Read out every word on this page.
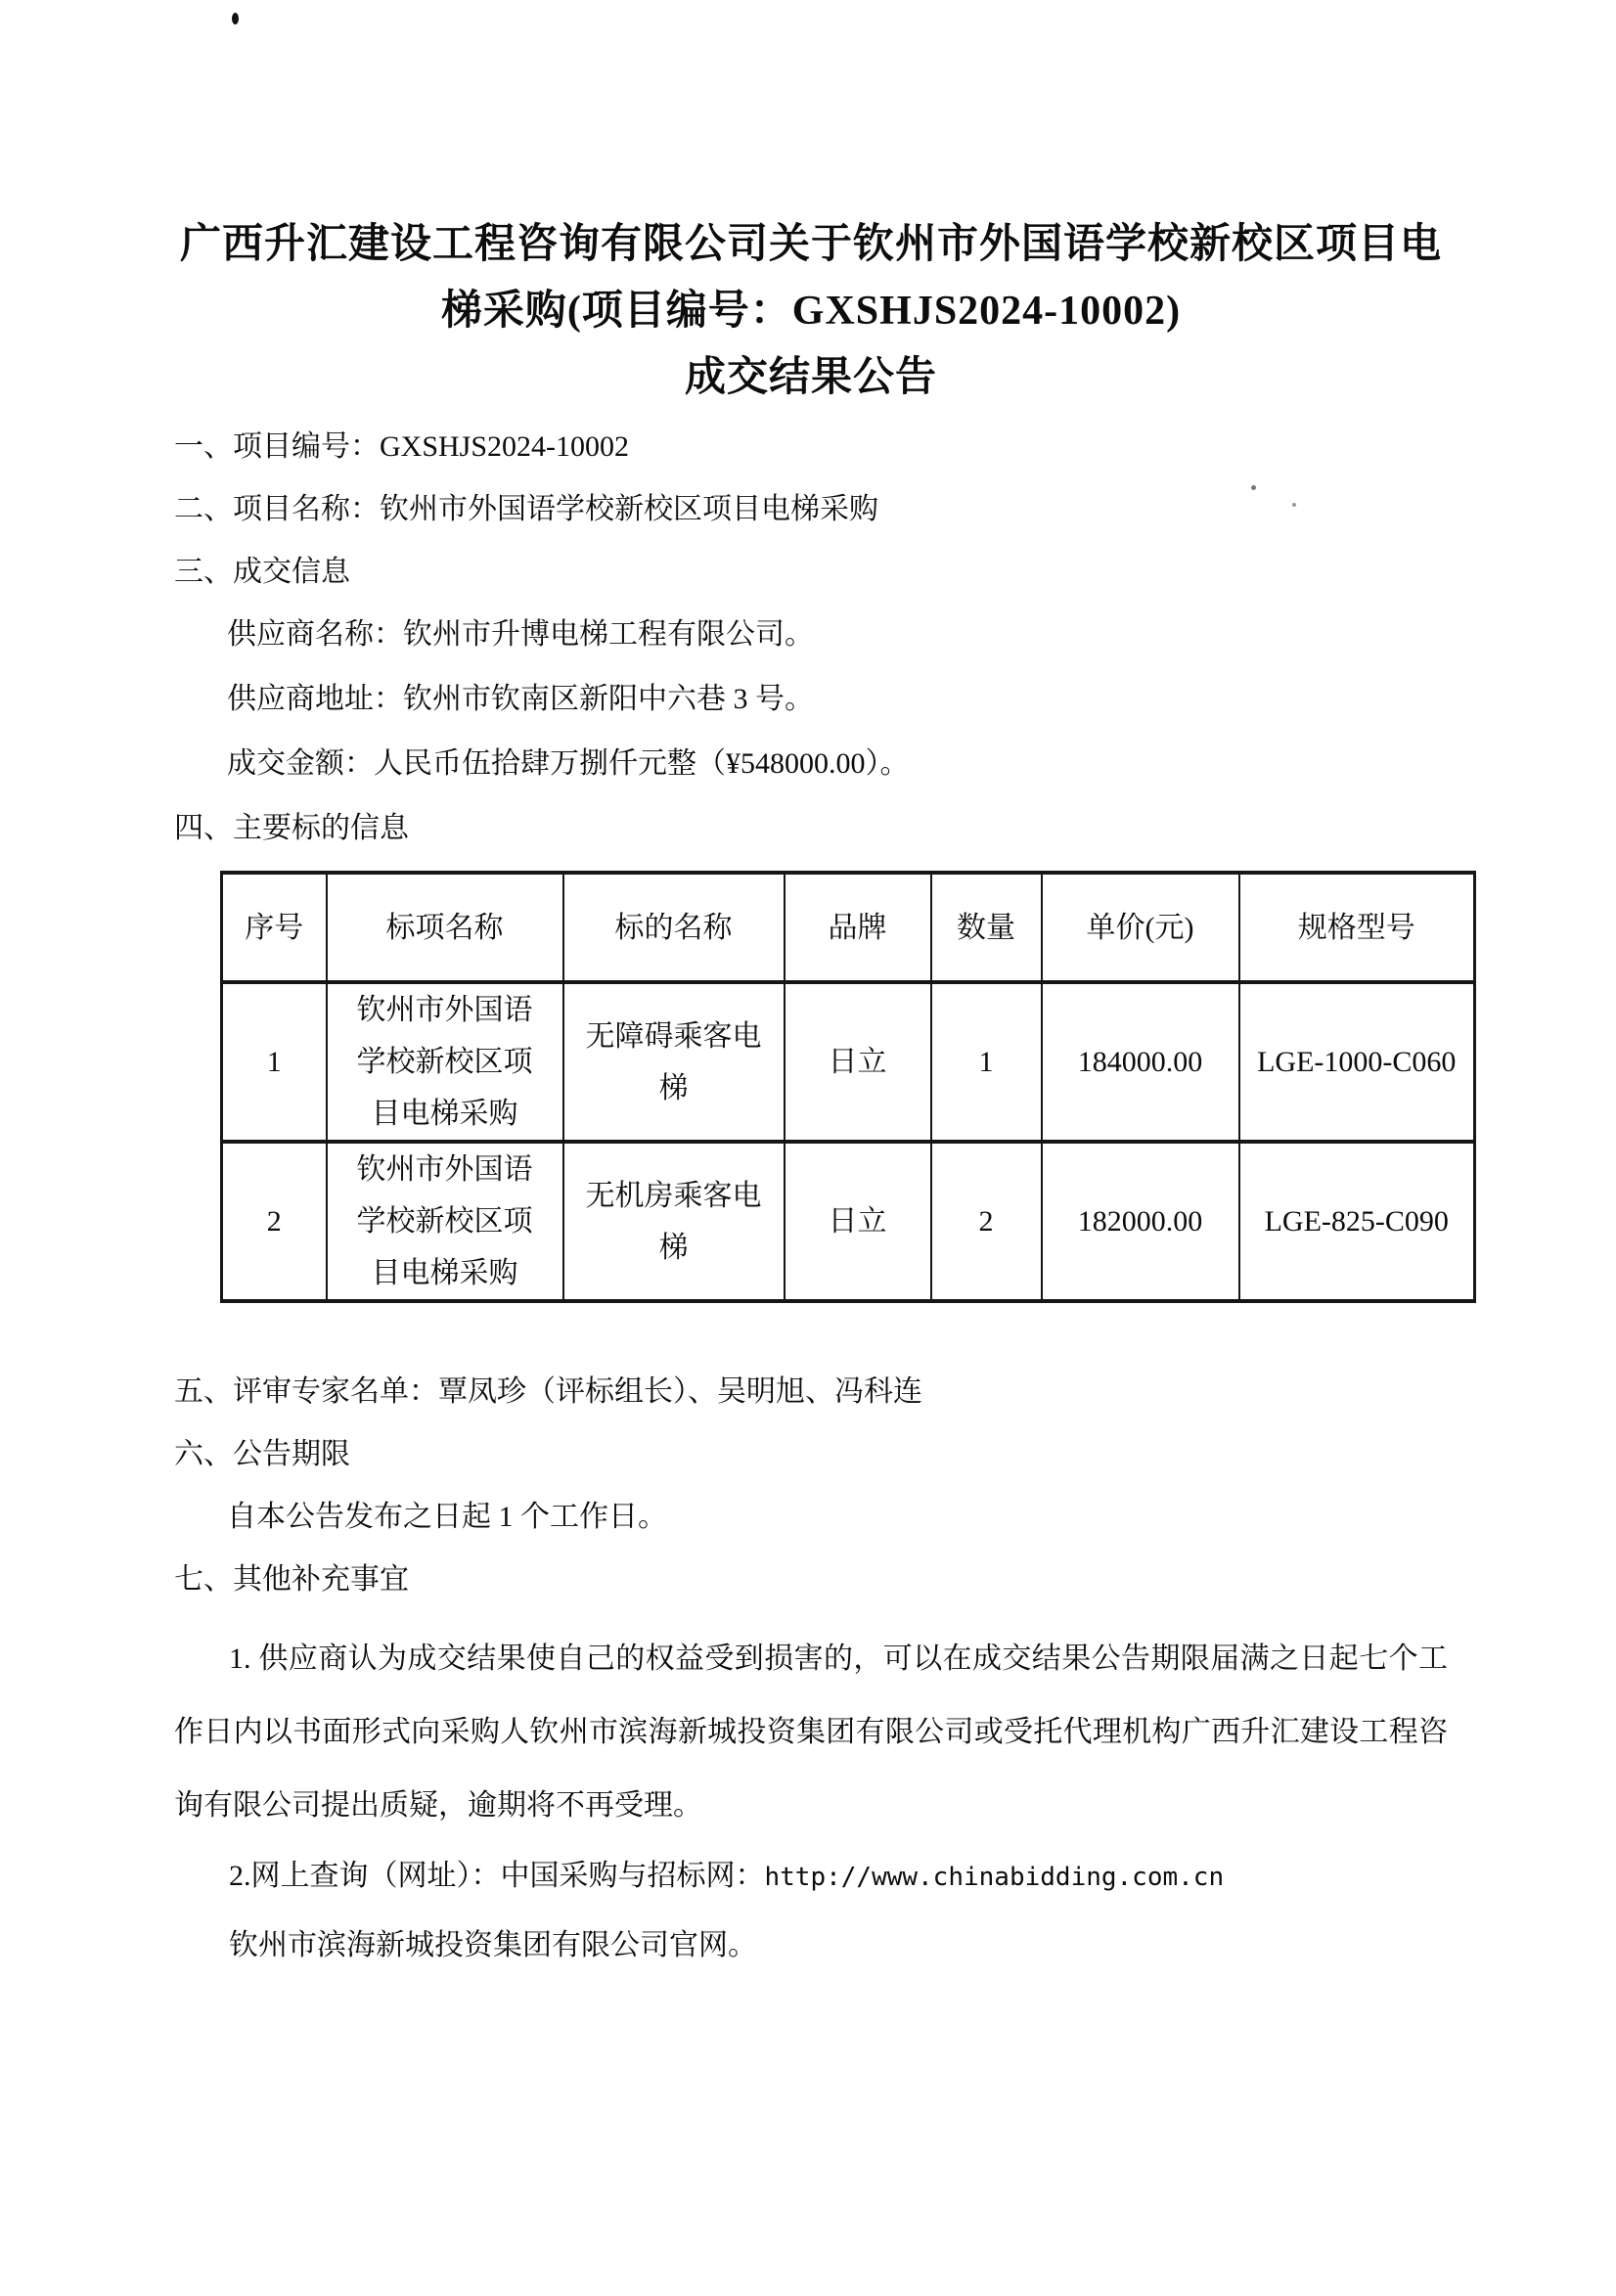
广西升汇建设工程咨询有限公司关于钦州市外国语学校新校区项目电
梯采购(项目编号：GXSHJS2024-10002)
成交结果公告

一、项目编号：GXSHJS2024-10002

二、项目名称：钦州市外国语学校新校区项目电梯采购

三、成交信息

供应商名称：钦州市升博电梯工程有限公司。

供应商地址：钦州市钦南区新阳中六巷 3 号。

成交金额：人民币伍拾肆万捌仟元整（¥548000.00）。

四、主要标的信息

序号	标项名称	标的名称	品牌	数量	单价(元)	规格型号
1	钦州市外国语学校新校区项目电梯采购	无障碍乘客电梯	日立	1	184000.00	LGE-1000-C060
2	钦州市外国语学校新校区项目电梯采购	无机房乘客电梯	日立	2	182000.00	LGE-825-C090

五、评审专家名单：覃凤珍（评标组长）、吴明旭、冯科连

六、公告期限

自本公告发布之日起 1 个工作日。

七、其他补充事宜

1. 供应商认为成交结果使自己的权益受到损害的，可以在成交结果公告期限届满之日起七个工作日内以书面形式向采购人钦州市滨海新城投资集团有限公司或受托代理机构广西升汇建设工程咨询有限公司提出质疑，逾期将不再受理。

2.网上查询（网址）：中国采购与招标网：http://www.chinabidding.com.cn

钦州市滨海新城投资集团有限公司官网。
